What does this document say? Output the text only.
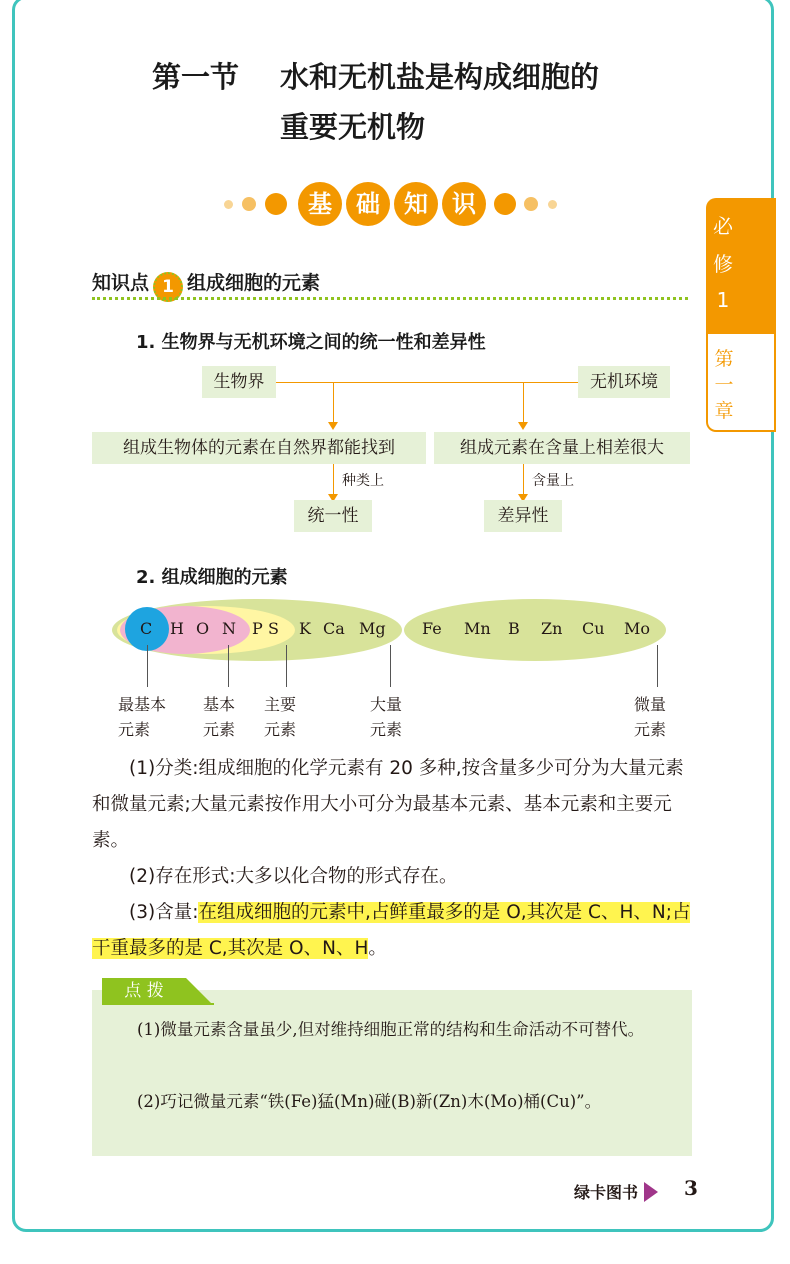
第一节 水和无机盐是构成细胞的
重要无机物
基	础	知	识
必
修
1
第
一
章
知识点 1 组成细胞的元素
1. 生物界与无机环境之间的统一性和差异性
生物界	无机环境
组成生物体的元素在自然界都能找到	组成元素在含量上相差很大
种类上	含量上
统一性	差异性
2. 组成细胞的元素
C H O N P S K Ca Mg Fe Mn B Zn Cu Mo
最基本
元素
基本
元素
主要
元素
大量
元素
微量
元素
(1)分类:组成细胞的化学元素有 20 多种,按含量多少可分为大量元素和微量元素;大量元素按作用大小可分为最基本元素、基本元素和主要元素。
(2)存在形式:大多以化合物的形式存在。
(3)含量:在组成细胞的元素中,占鲜重最多的是 O,其次是 C、H、N;占干重最多的是 C,其次是 O、N、H。
点 拨
(1)微量元素含量虽少,但对维持细胞正常的结构和生命活动不可替代。
(2)巧记微量元素“铁(Fe)猛(Mn)碰(B)新(Zn)木(Mo)桶(Cu)”。
绿卡图书	3
